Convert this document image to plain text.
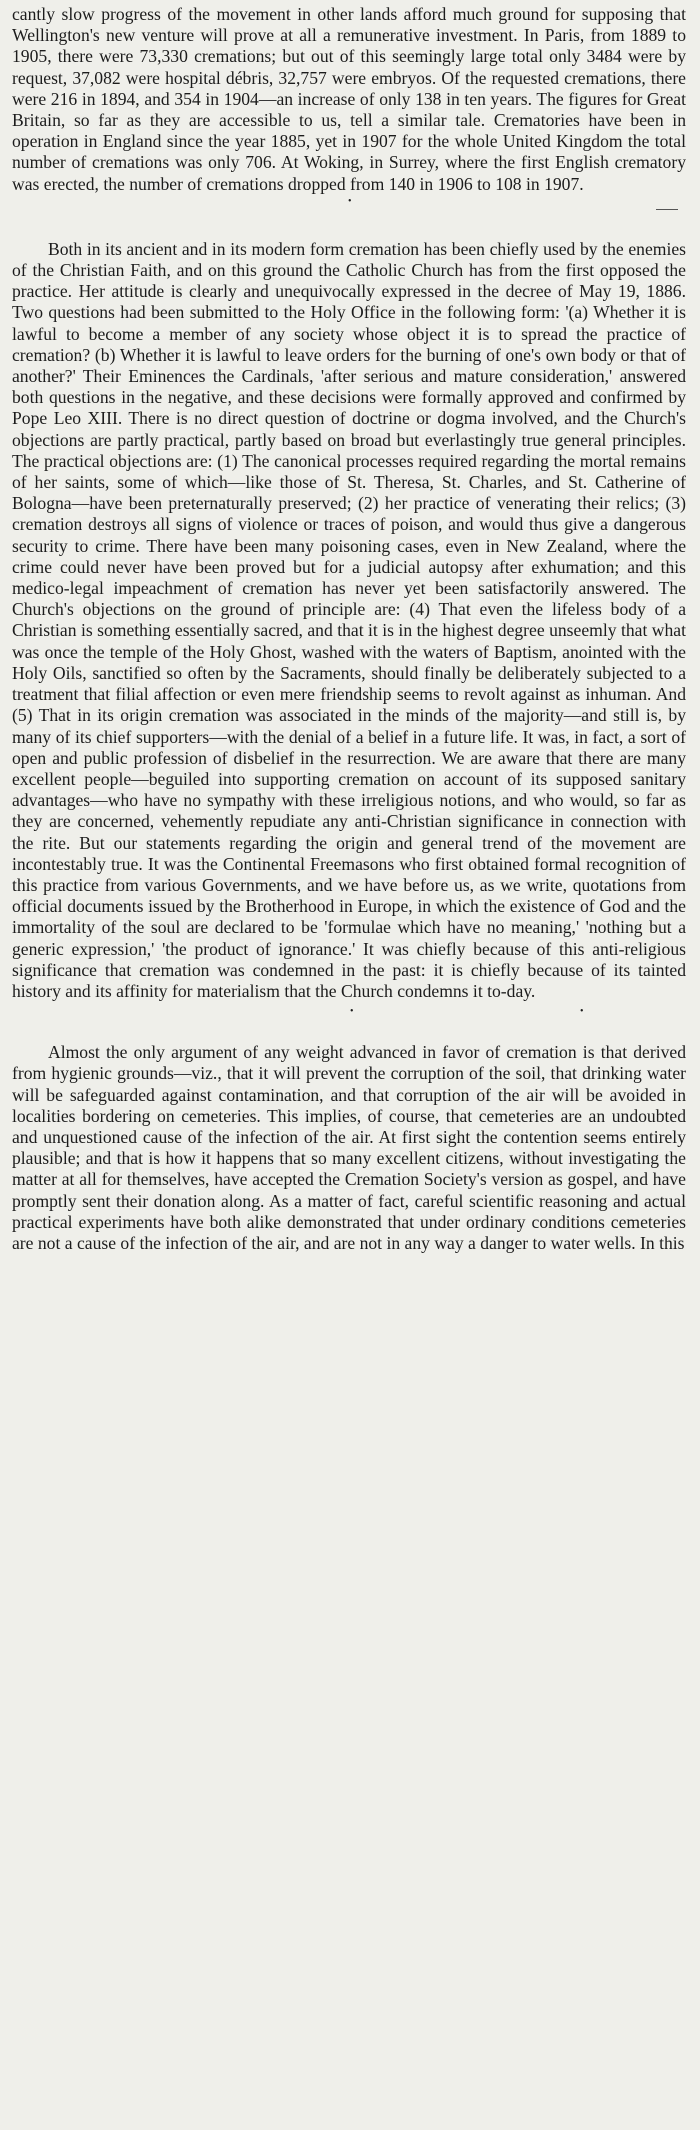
cantly slow progress of the movement in other lands afford much ground for supposing that Wellington's new venture will prove at all a remunerative investment. In Paris, from 1889 to 1905, there were 73,330 cremations; but out of this seemingly large total only 3484 were by request, 37,082 were hospital débris, 32,757 were embryos. Of the requested cremations, there were 216 in 1894, and 354 in 1904—an increase of only 138 in ten years. The figures for Great Britain, so far as they are accessible to us, tell a similar tale. Crematories have been in operation in England since the year 1885, yet in 1907 for the whole United Kingdom the total number of cremations was only 706. At Woking, in Surrey, where the first English crematory was erected, the number of cremations dropped from 140 in 1906 to 108 in 1907.

•

Both in its ancient and in its modern form cremation has been chiefly used by the enemies of the Christian Faith, and on this ground the Catholic Church has from the first opposed the practice. Her attitude is clearly and unequivocally expressed in the decree of May 19, 1886. Two questions had been submitted to the Holy Office in the following form: '(a) Whether it is lawful to become a member of any society whose object it is to spread the practice of cremation? (b) Whether it is lawful to leave orders for the burning of one's own body or that of another?' Their Eminences the Cardinals, 'after serious and mature consideration,' answered both questions in the negative, and these decisions were formally approved and confirmed by Pope Leo XIII. There is no direct question of doctrine or dogma involved, and the Church's objections are partly practical, partly based on broad but everlastingly true general principles. The practical objections are: (1) The canonical processes required regarding the mortal remains of her saints, some of which—like those of St. Theresa, St. Charles, and St. Catherine of Bologna—have been preternaturally preserved; (2) her practice of venerating their relics; (3) cremation destroys all signs of violence or traces of poison, and would thus give a dangerous security to crime. There have been many poisoning cases, even in New Zealand, where the crime could never have been proved but for a judicial autopsy after exhumation; and this medico-legal impeachment of cremation has never yet been satisfactorily answered. The Church's objections on the ground of principle are: (4) That even the lifeless body of a Christian is something essentially sacred, and that it is in the highest degree unseemly that what was once the temple of the Holy Ghost, washed with the waters of Baptism, anointed with the Holy Oils, sanctified so often by the Sacraments, should finally be deliberately subjected to a treatment that filial affection or even mere friendship seems to revolt against as inhuman. And (5) That in its origin cremation was associated in the minds of the majority—and still is, by many of its chief supporters—with the denial of a belief in a future life. It was, in fact, a sort of open and public profession of disbelief in the resurrection. We are aware that there are many excellent people—beguiled into supporting cremation on account of its supposed sanitary advantages—who have no sympathy with these irreligious notions, and who would, so far as they are concerned, vehemently repudiate any anti-Christian significance in connection with the rite. But our statements regarding the origin and general trend of the movement are incontestably true. It was the Continental Freemasons who first obtained formal recognition of this practice from various Governments, and we have before us, as we write, quotations from official documents issued by the Brotherhood in Europe, in which the existence of God and the immortality of the soul are declared to be 'formulae which have no meaning,' 'nothing but a generic expression,' 'the product of ignorance.' It was chiefly because of this anti-religious significance that cremation was condemned in the past: it is chiefly because of its tainted history and its affinity for materialism that the Church condemns it to-day.

•	•

Almost the only argument of any weight advanced in favor of cremation is that derived from hygienic grounds—viz., that it will prevent the corruption of the soil, that drinking water will be safeguarded against contamination, and that corruption of the air will be avoided in localities bordering on cemeteries. This implies, of course, that cemeteries are an undoubted and unquestioned cause of the infection of the air. At first sight the contention seems entirely plausible; and that is how it happens that so many excellent citizens, without investigating the matter at all for themselves, have accepted the Cremation Society's version as gospel, and have promptly sent their donation along. As a matter of fact, careful scientific reasoning and actual practical experiments have both alike demonstrated that under ordinary conditions cemeteries are not a cause of the infection of the air, and are not in any way a danger to water wells. In this
